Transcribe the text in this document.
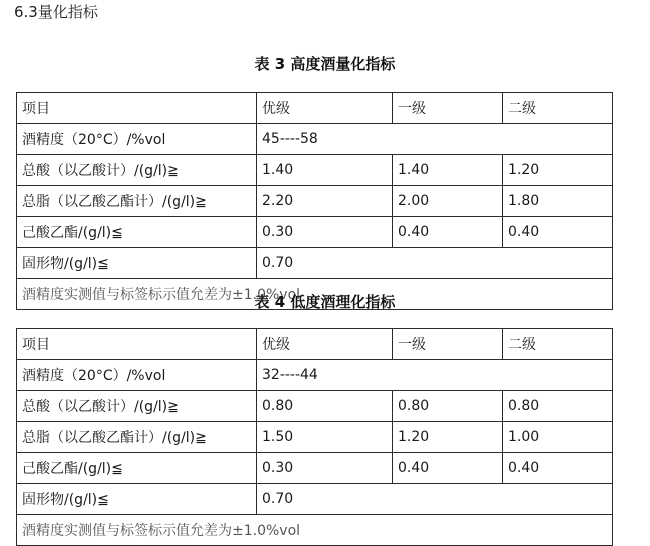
6.3量化指标
表 3 高度酒量化指标
项目	优级	一级	二级
酒精度（20°C）/%vol	45----58		
总酸（以乙酸计）/(g/l)≧	1.40	1.40	1.20
总脂（以乙酸乙酯计）/(g/l)≧	2.20	2.00	1.80
己酸乙酯/(g/l)≦	0.30	0.40	0.40
固形物/(g/l)≦	0.70		
酒精度实测值与标签标示值允差为±1.0%vol			
表 4 低度酒理化指标
项目	优级	一级	二级
酒精度（20°C）/%vol	32----44		
总酸（以乙酸计）/(g/l)≧	0.80	0.80	0.80
总脂（以乙酸乙酯计）/(g/l)≧	1.50	1.20	1.00
己酸乙酯/(g/l)≦	0.30	0.40	0.40
固形物/(g/l)≦	0.70		
酒精度实测值与标签标示值允差为±1.0%vol			
